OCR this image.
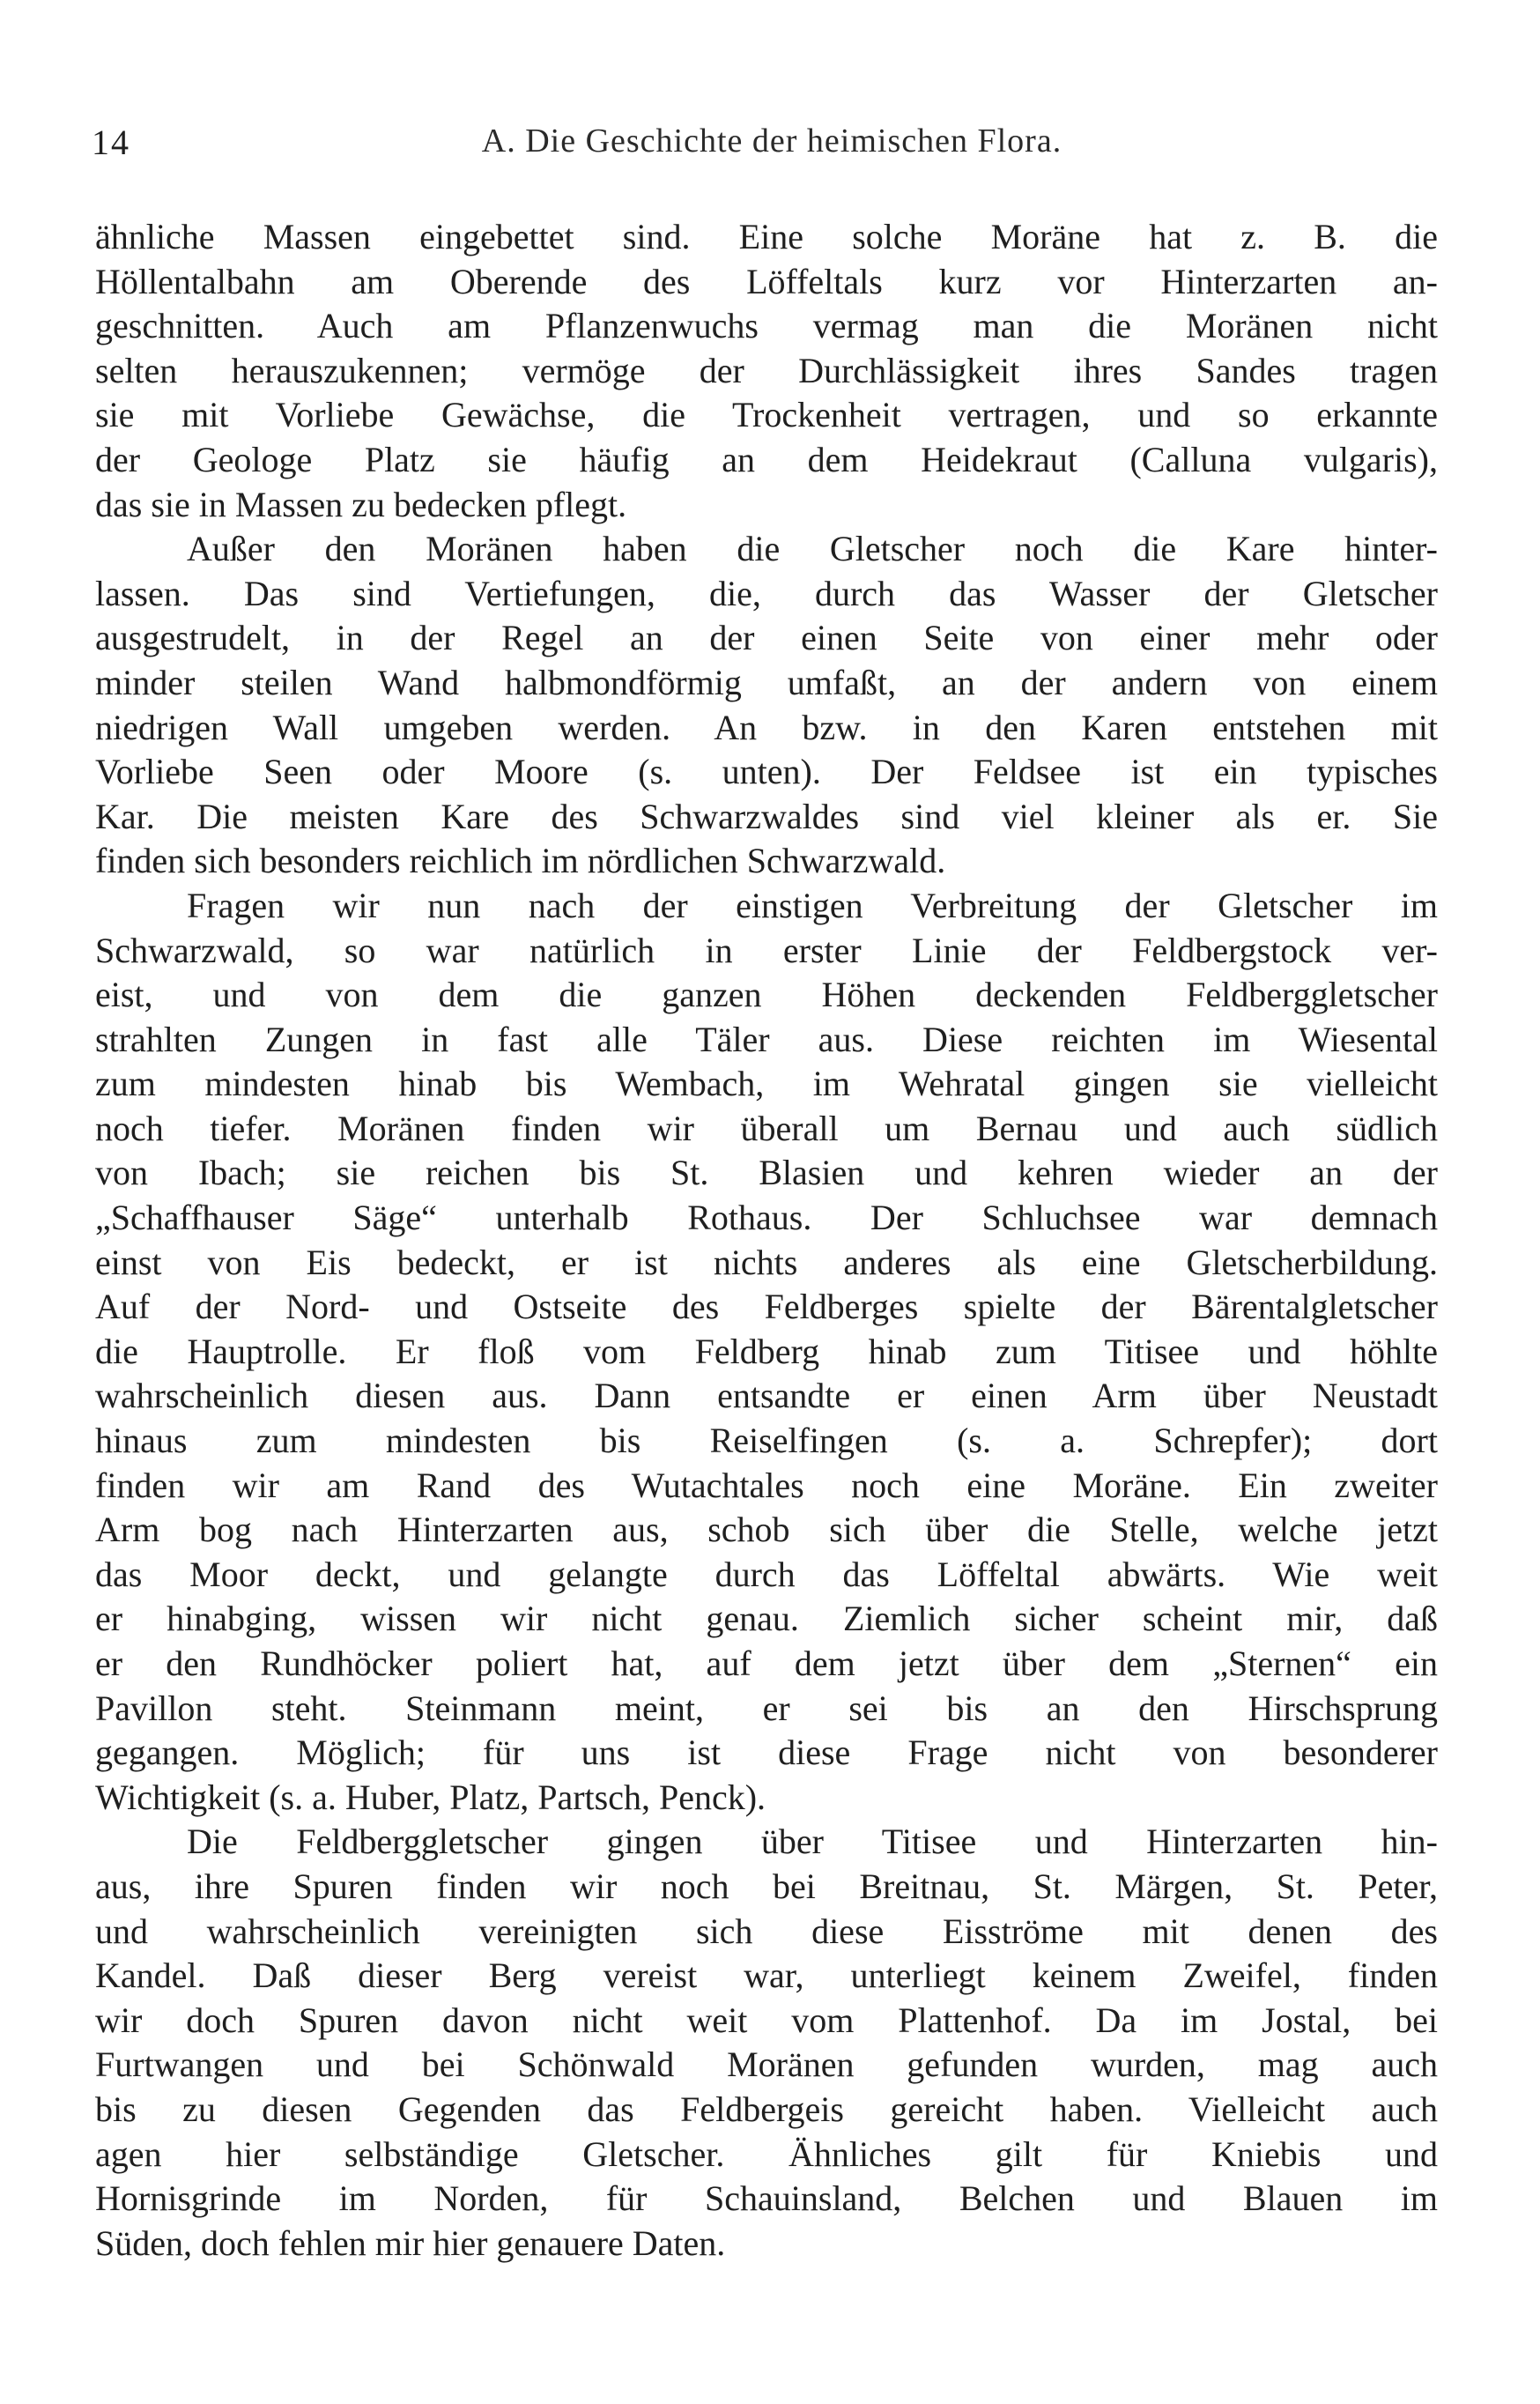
14	A. Die Geschichte der heimischen Flora.

ähnliche Massen eingebettet sind. Eine solche Moräne hat z. B. die
Höllentalbahn am Oberende des Löffeltals kurz vor Hinterzarten an-
geschnitten. Auch am Pflanzenwuchs vermag man die Moränen nicht
selten herauszukennen; vermöge der Durchlässigkeit ihres Sandes tragen
sie mit Vorliebe Gewächse, die Trockenheit vertragen, und so erkannte
der Geologe Platz sie häufig an dem Heidekraut (Calluna vulgaris),
das sie in Massen zu bedecken pflegt.

Außer den Moränen haben die Gletscher noch die Kare hinter-
lassen. Das sind Vertiefungen, die, durch das Wasser der Gletscher
ausgestrudelt, in der Regel an der einen Seite von einer mehr oder
minder steilen Wand halbmondförmig umfaßt, an der andern von einem
niedrigen Wall umgeben werden. An bzw. in den Karen entstehen mit
Vorliebe Seen oder Moore (s. unten). Der Feldsee ist ein typisches
Kar. Die meisten Kare des Schwarzwaldes sind viel kleiner als er. Sie
finden sich besonders reichlich im nördlichen Schwarzwald.

Fragen wir nun nach der einstigen Verbreitung der Gletscher im
Schwarzwald, so war natürlich in erster Linie der Feldbergstock ver-
eist, und von dem die ganzen Höhen deckenden Feldberggletscher
strahlten Zungen in fast alle Täler aus. Diese reichten im Wiesental
zum mindesten hinab bis Wembach, im Wehratal gingen sie vielleicht
noch tiefer. Moränen finden wir überall um Bernau und auch südlich
von Ibach; sie reichen bis St. Blasien und kehren wieder an der
„Schaffhauser Säge“ unterhalb Rothaus. Der Schluchsee war demnach
einst von Eis bedeckt, er ist nichts anderes als eine Gletscherbildung.
Auf der Nord- und Ostseite des Feldberges spielte der Bärentalgletscher
die Hauptrolle. Er floß vom Feldberg hinab zum Titisee und höhlte
wahrscheinlich diesen aus. Dann entsandte er einen Arm über Neustadt
hinaus zum mindesten bis Reiselfingen (s. a. Schrepfer); dort
finden wir am Rand des Wutachtales noch eine Moräne. Ein zweiter
Arm bog nach Hinterzarten aus, schob sich über die Stelle, welche jetzt
das Moor deckt, und gelangte durch das Löffeltal abwärts. Wie weit
er hinabging, wissen wir nicht genau. Ziemlich sicher scheint mir, daß
er den Rundhöcker poliert hat, auf dem jetzt über dem „Sternen“ ein
Pavillon steht. Steinmann meint, er sei bis an den Hirschsprung
gegangen. Möglich; für uns ist diese Frage nicht von besonderer
Wichtigkeit (s. a. Huber, Platz, Partsch, Penck).

Die Feldberggletscher gingen über Titisee und Hinterzarten hin-
aus, ihre Spuren finden wir noch bei Breitnau, St. Märgen, St. Peter,
und wahrscheinlich vereinigten sich diese Eisströme mit denen des
Kandel. Daß dieser Berg vereist war, unterliegt keinem Zweifel, finden
wir doch Spuren davon nicht weit vom Plattenhof. Da im Jostal, bei
Furtwangen und bei Schönwald Moränen gefunden wurden, mag auch
bis zu diesen Gegenden das Feldbergeis gereicht haben. Vielleicht auch
agen hier selbständige Gletscher. Ähnliches gilt für Kniebis und
Hornisgrinde im Norden, für Schauinsland, Belchen und Blauen im
Süden, doch fehlen mir hier genauere Daten.
